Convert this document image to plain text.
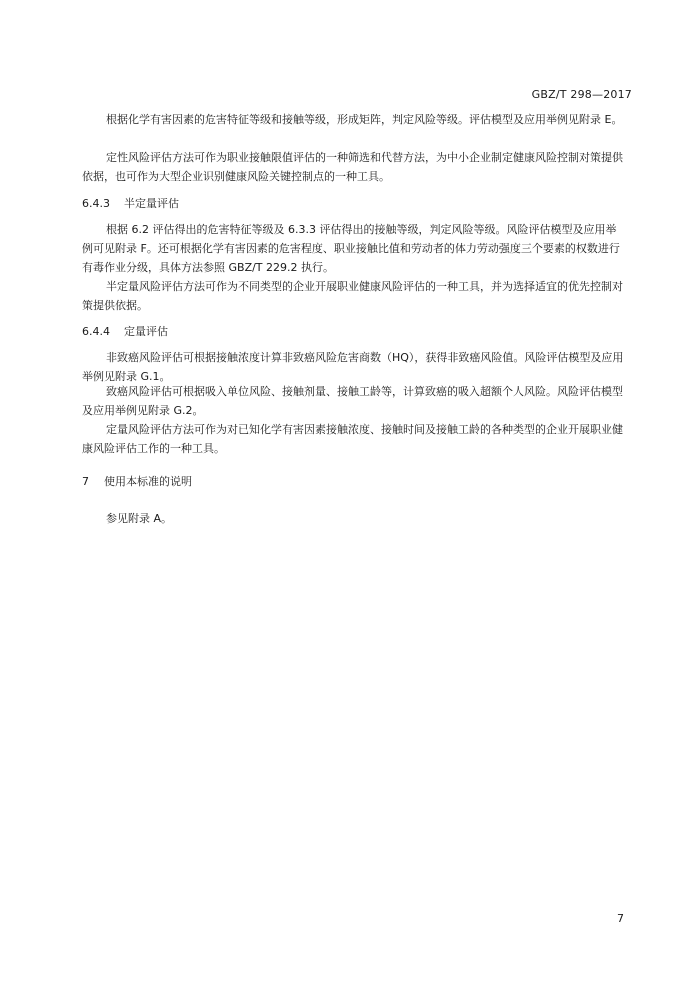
GBZ/T 298—2017

根据化学有害因素的危害特征等级和接触等级，形成矩阵，判定风险等级。评估模型及应用举例见附录 E。

定性风险评估方法可作为职业接触限值评估的一种筛选和代替方法，为中小企业制定健康风险控制对策提供依据，也可作为大型企业识别健康风险关键控制点的一种工具。

6.4.3 半定量评估

根据 6.2 评估得出的危害特征等级及 6.3.3 评估得出的接触等级，判定风险等级。风险评估模型及应用举例可见附录 F。还可根据化学有害因素的危害程度、职业接触比值和劳动者的体力劳动强度三个要素的权数进行有毒作业分级，具体方法参照 GBZ/T 229.2 执行。

半定量风险评估方法可作为不同类型的企业开展职业健康风险评估的一种工具，并为选择适宜的优先控制对策提供依据。

6.4.4 定量评估

非致癌风险评估可根据接触浓度计算非致癌风险危害商数（HQ），获得非致癌风险值。风险评估模型及应用举例见附录 G.1。

致癌风险评估可根据吸入单位风险、接触剂量、接触工龄等，计算致癌的吸入超额个人风险。风险评估模型及应用举例见附录 G.2。

定量风险评估方法可作为对已知化学有害因素接触浓度、接触时间及接触工龄的各种类型的企业开展职业健康风险评估工作的一种工具。

7 使用本标准的说明

参见附录 A。

7
